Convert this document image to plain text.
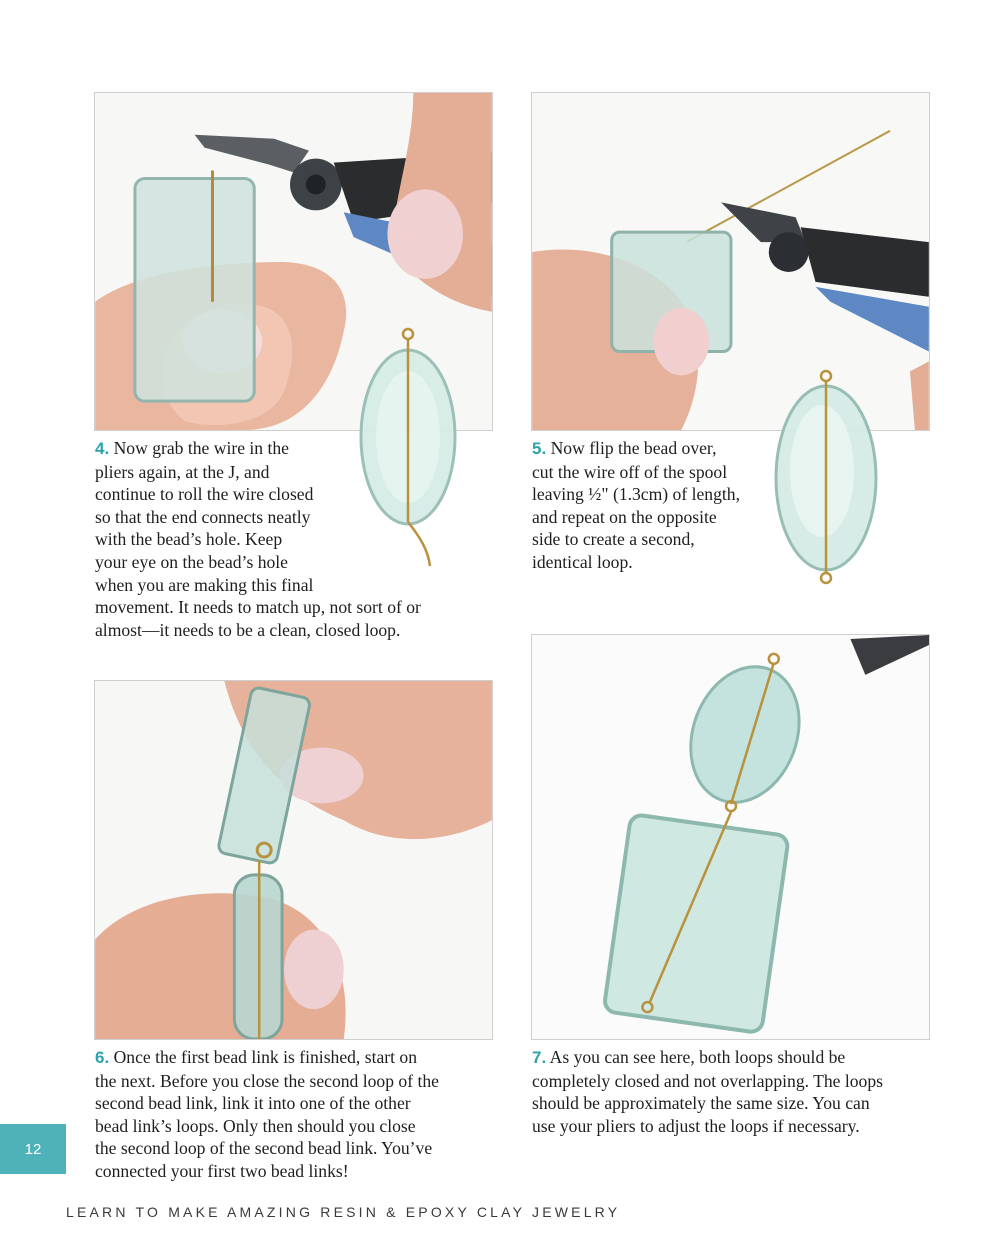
4. Now grab the wire in the
pliers again, at the J, and
continue to roll the wire closed
so that the end connects neatly
with the bead’s hole. Keep
your eye on the bead’s hole
when you are making this final
movement. It needs to match up, not sort of or
almost—it needs to be a clean, closed loop.

5. Now flip the bead over,
cut the wire off of the spool
leaving ½" (1.3cm) of length,
and repeat on the opposite
side to create a second,
identical loop.

6. Once the first bead link is finished, start on
the next. Before you close the second loop of the
second bead link, link it into one of the other
bead link’s loops. Only then should you close
the second loop of the second bead link. You’ve
connected your first two bead links!

7. As you can see here, both loops should be
completely closed and not overlapping. The loops
should be approximately the same size. You can
use your pliers to adjust the loops if necessary.

12
LEARN TO MAKE AMAZING RESIN & EPOXY CLAY JEWELRY
